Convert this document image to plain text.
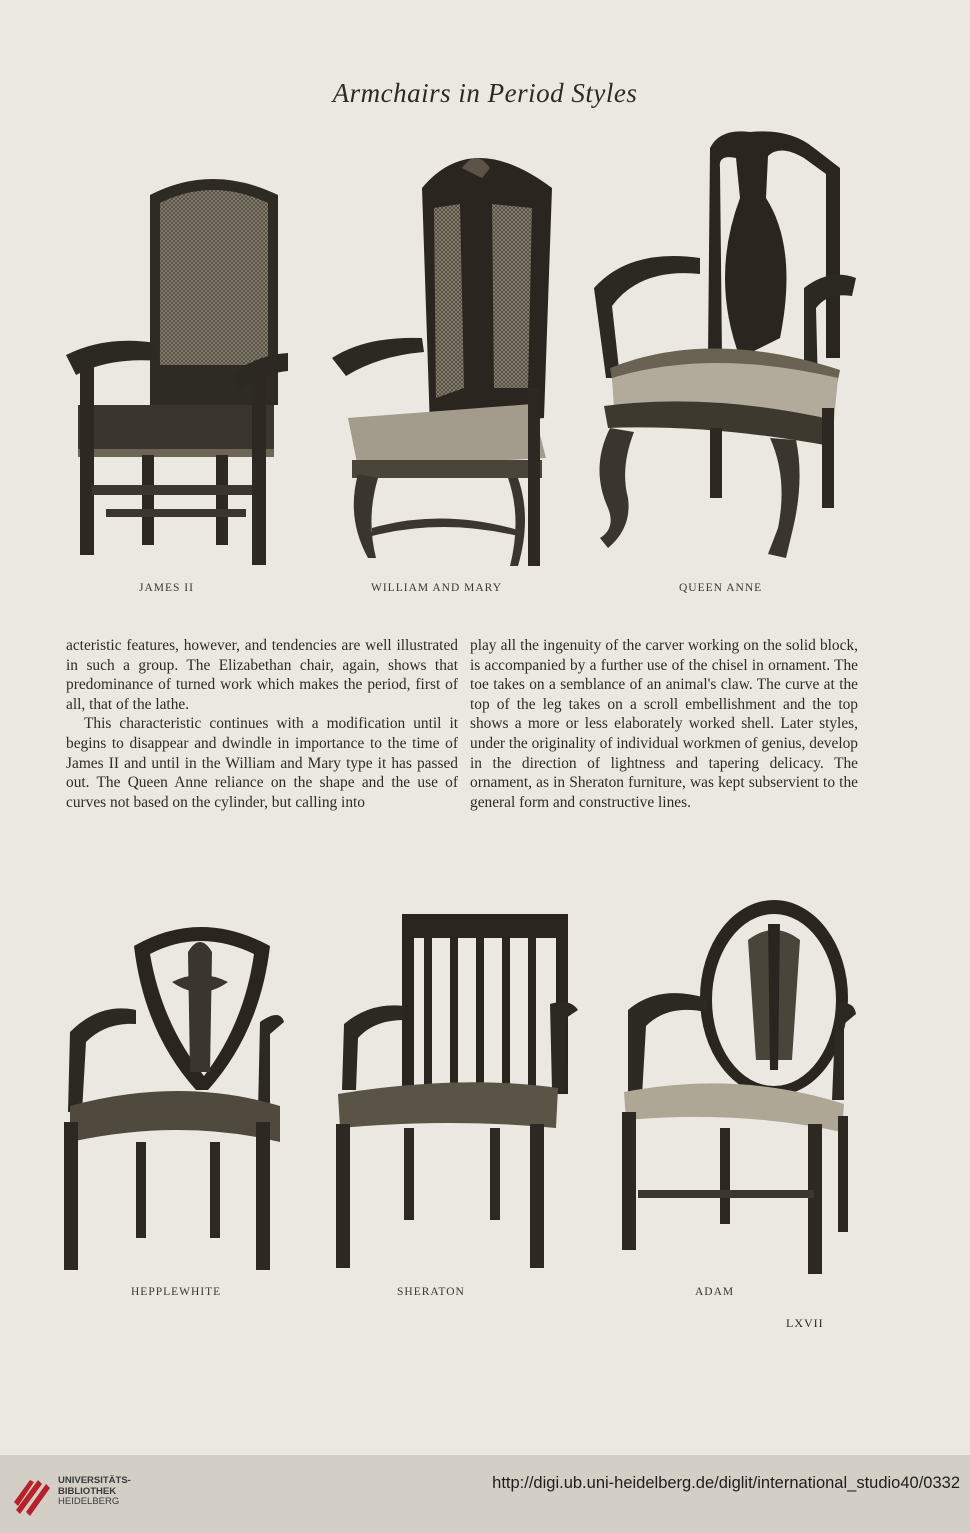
Armchairs in Period Styles
JAMES II	WILLIAM AND MARY	QUEEN ANNE

acteristic features, however, and tendencies are well illustrated in such a group. The Elizabethan chair, again, shows that predominance of turned work which makes the period, first of all, that of the lathe.

This characteristic continues with a modification until it begins to disappear and dwindle in importance to the time of James II and until in the William and Mary type it has passed out. The Queen Anne reliance on the shape and the use of curves not based on the cylinder, but calling into

play all the ingenuity of the carver working on the solid block, is accompanied by a further use of the chisel in ornament. The toe takes on a semblance of an animal's claw. The curve at the top of the leg takes on a scroll embellishment and the top shows a more or less elaborately worked shell. Later styles, under the originality of individual workmen of genius, develop in the direction of lightness and tapering delicacy. The ornament, as in Sheraton furniture, was kept subservient to the general form and constructive lines.

HEPPLEWHITE	SHERATON	ADAM
LXVII
UNIVERSITÄTS-
BIBLIOTHEK
HEIDELBERG
http://digi.ub.uni-heidelberg.de/diglit/international_studio40/0332
